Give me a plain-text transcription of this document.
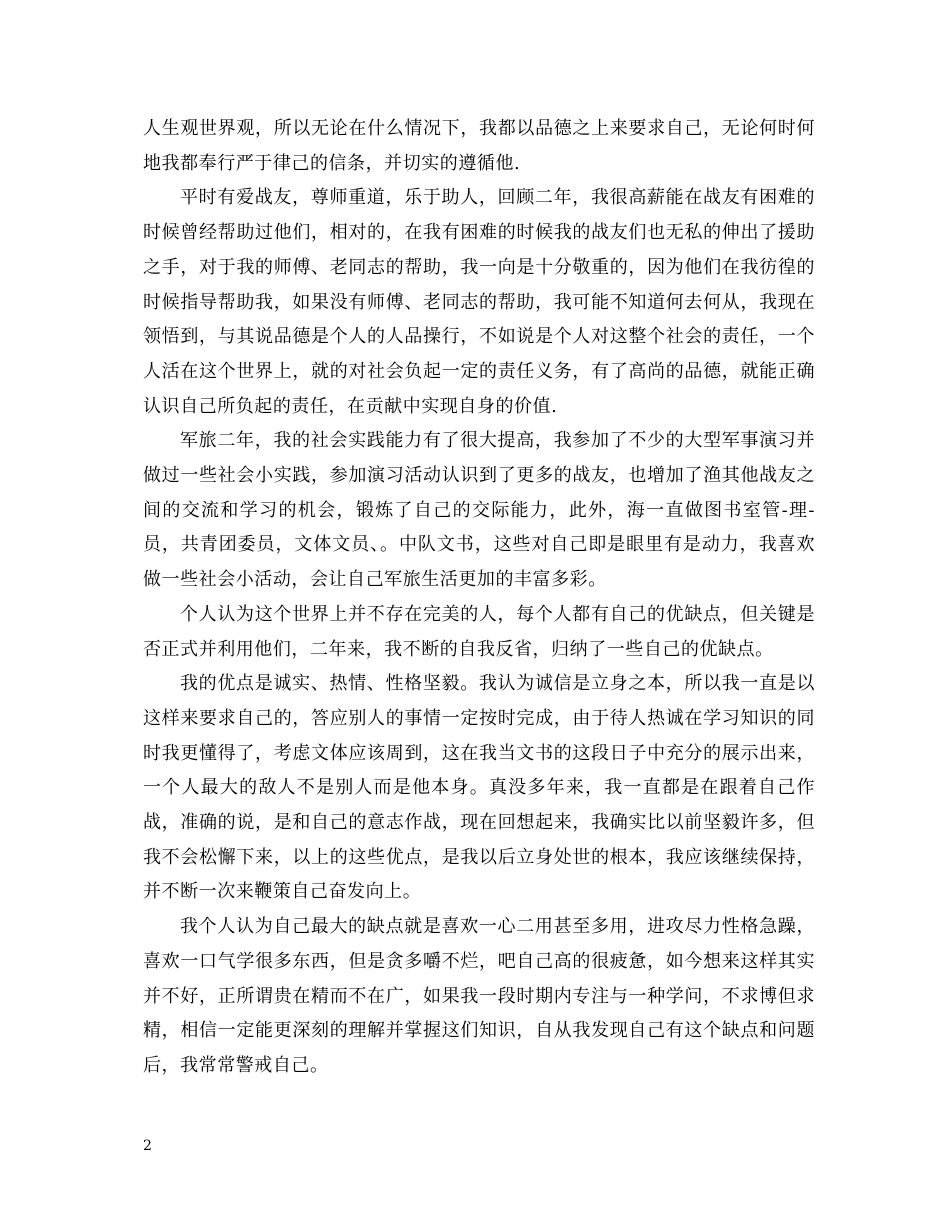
人生观世界观，所以无论在什么情况下，我都以品德之上来要求自己，无论何时何地我都奉行严于律己的信条，并切实的遵循他.

平时有爱战友，尊师重道，乐于助人，回顾二年，我很高薪能在战友有困难的时候曾经帮助过他们，相对的，在我有困难的时候我的战友们也无私的伸出了援助之手，对于我的师傅、老同志的帮助，我一向是十分敬重的，因为他们在我彷徨的时候指导帮助我，如果没有师傅、老同志的帮助，我可能不知道何去何从，我现在领悟到，与其说品德是个人的人品操行，不如说是个人对这整个社会的责任，一个人活在这个世界上，就的对社会负起一定的责任义务，有了高尚的品德，就能正确认识自己所负起的责任，在贡献中实现自身的价值.

军旅二年，我的社会实践能力有了很大提高，我参加了不少的大型军事演习并做过一些社会小实践，参加演习活动认识到了更多的战友，也增加了渔其他战友之间的交流和学习的机会，锻炼了自己的交际能力，此外，海一直做图书室管-理-员，共青团委员，文体文员、。中队文书，这些对自己即是眼里有是动力，我喜欢做一些社会小活动，会让自己军旅生活更加的丰富多彩。

个人认为这个世界上并不存在完美的人，每个人都有自己的优缺点，但关键是否正式并利用他们，二年来，我不断的自我反省，归纳了一些自己的优缺点。

我的优点是诚实、热情、性格坚毅。我认为诚信是立身之本，所以我一直是以这样来要求自己的，答应别人的事情一定按时完成，由于待人热诚在学习知识的同时我更懂得了，考虑文体应该周到，这在我当文书的这段日子中充分的展示出来，一个人最大的敌人不是别人而是他本身。真没多年来，我一直都是在跟着自己作战，准确的说，是和自己的意志作战，现在回想起来，我确实比以前坚毅许多，但我不会松懈下来，以上的这些优点，是我以后立身处世的根本，我应该继续保持，并不断一次来鞭策自己奋发向上。

我个人认为自己最大的缺点就是喜欢一心二用甚至多用，进攻尽力性格急躁，喜欢一口气学很多东西，但是贪多嚼不烂，吧自己高的很疲惫，如今想来这样其实并不好，正所谓贵在精而不在广，如果我一段时期内专注与一种学问，不求博但求精，相信一定能更深刻的理解并掌握这们知识，自从我发现自己有这个缺点和问题后，我常常警戒自己。

2
